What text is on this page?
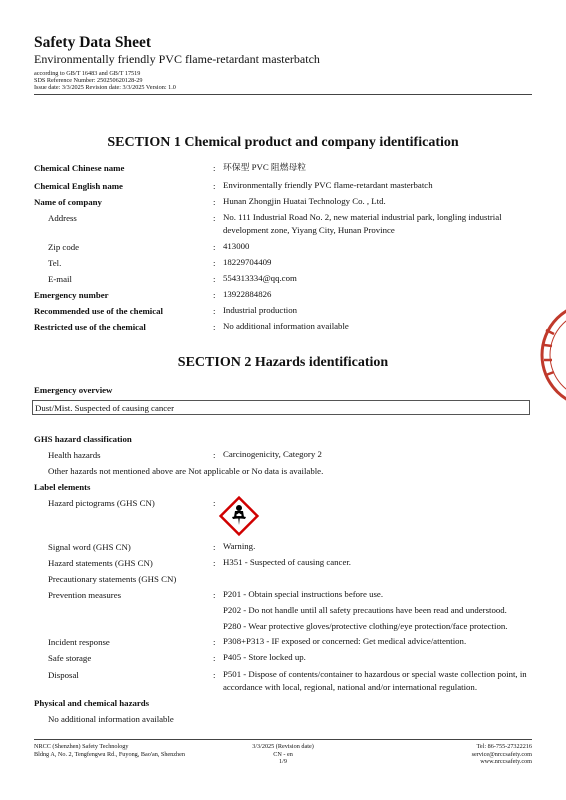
Safety Data Sheet
Environmentally friendly PVC flame-retardant masterbatch
according to GB/T 16483 and GB/T 17519
SDS Reference Number: 250250620128-29
Issue date: 3/3/2025 Revision date: 3/3/2025 Version: 1.0
SECTION 1 Chemical product and company identification
Chemical Chinese name	: 环保型 PVC 阻燃母粒
Chemical English name	: Environmentally friendly PVC flame-retardant masterbatch
Name of company	: Hunan Zhongjin Huatai Technology Co. , Ltd.
Address	: No. 111 Industrial Road No. 2, new material industrial park, longling industrial development zone, Yiyang City, Hunan Province
Zip code	: 413000
Tel.	: 18229704409
E-mail	: 554313334@qq.com
Emergency number	: 13922884826
Recommended use of the chemical	: Industrial production
Restricted use of the chemical	: No additional information available
SECTION 2 Hazards identification
Emergency overview
Dust/Mist. Suspected of causing cancer
GHS hazard classification
Health hazards	: Carcinogenicity, Category 2
Other hazards not mentioned above are Not applicable or No data is available.
Label elements
Hazard pictograms (GHS CN)	:
Signal word (GHS CN)	: Warning.
Hazard statements (GHS CN)	: H351 - Suspected of causing cancer.
Precautionary statements (GHS CN)
Prevention measures	: P201 - Obtain special instructions before use.
P202 - Do not handle until all safety precautions have been read and understood.
P280 - Wear protective gloves/protective clothing/eye protection/face protection.
Incident response	: P308+P313 - IF exposed or concerned: Get medical advice/attention.
Safe storage	: P405 - Store locked up.
Disposal	: P501 - Dispose of contents/container to hazardous or special waste collection point, in accordance with local, regional, national and/or international regulation.
Physical and chemical hazards
No additional information available
NRCC (Shenzhen) Safety Technology
Bldng A, No. 2, Tengfengwu Rd., Fuyong, Bao'an, Shenzhen
3/3/2025 (Revision date)
CN - en
1/9
Tel: 86-755-27322216
service@nrccsafety.com
www.nrccsafety.com
